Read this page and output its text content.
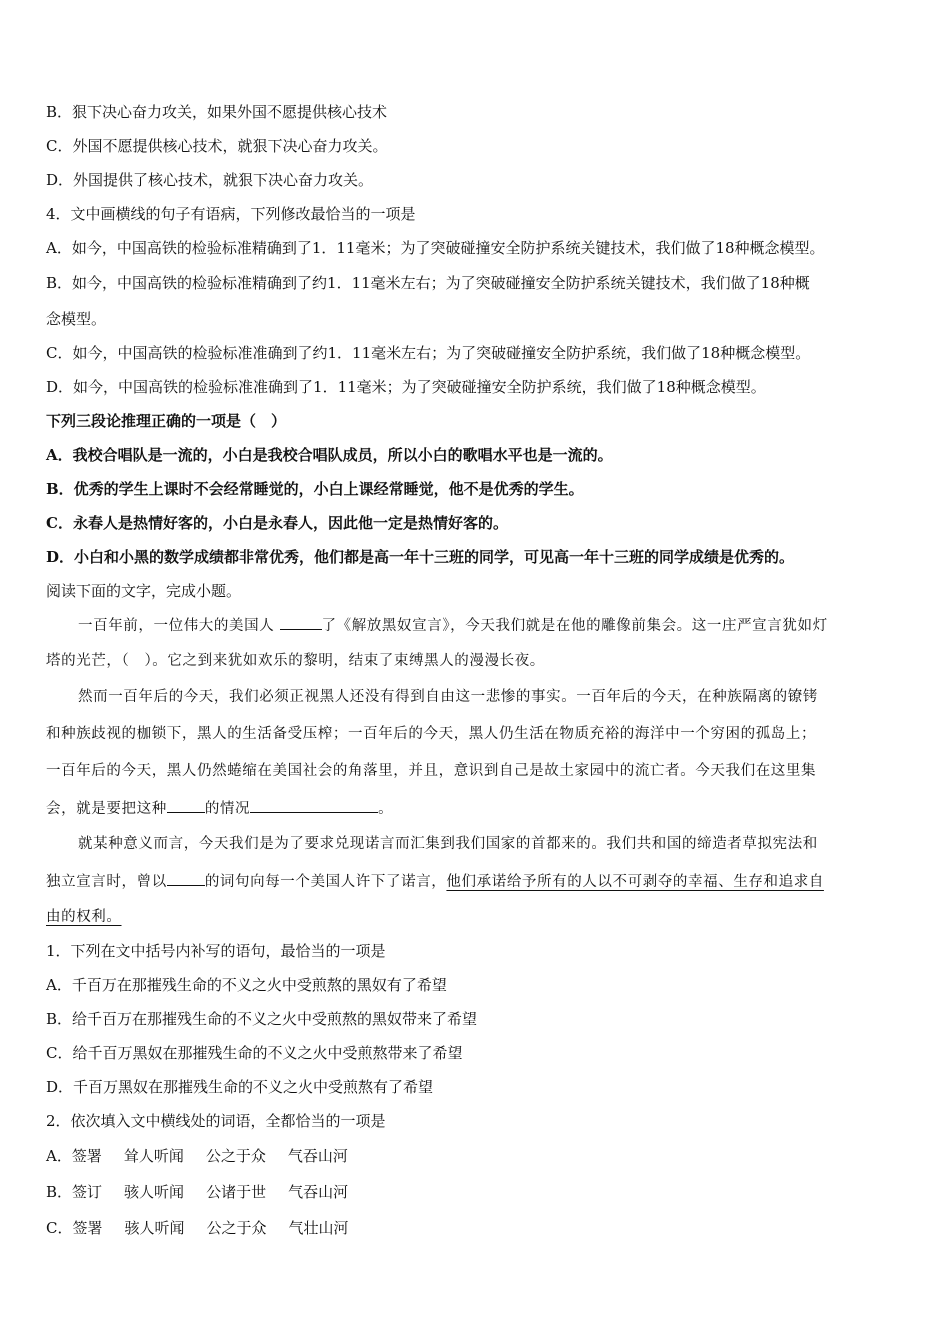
B．狠下决心奋力攻关，如果外国不愿提供核心技术
C．外国不愿提供核心技术，就狠下决心奋力攻关。
D．外国提供了核心技术，就狠下决心奋力攻关。
4．文中画横线的句子有语病，下列修改最恰当的一项是
A．如今，中国高铁的检验标准精确到了1．11毫米；为了突破碰撞安全防护系统关键技术，我们做了18种概念模型。
B．如今，中国高铁的检验标准精确到了约1．11毫米左右；为了突破碰撞安全防护系统关键技术，我们做了18种概
念模型。
C．如今，中国高铁的检验标准准确到了约1．11毫米左右；为了突破碰撞安全防护系统，我们做了18种概念模型。
D．如今，中国高铁的检验标准准确到了1．11毫米；为了突破碰撞安全防护系统，我们做了18种概念模型。
下列三段论推理正确的一项是（　）
A．我校合唱队是一流的，小白是我校合唱队成员，所以小白的歌唱水平也是一流的。
B．优秀的学生上课时不会经常睡觉的，小白上课经常睡觉，他不是优秀的学生。
C．永春人是热情好客的，小白是永春人，因此他一定是热情好客的。
D．小白和小黑的数学成绩都非常优秀，他们都是高一年十三班的同学，可见高一年十三班的同学成绩是优秀的。
阅读下面的文字，完成小题。
一百年前，一位伟大的美国人	了《解放黑奴宣言》，今天我们就是在他的雕像前集会。这一庄严宣言犹如灯
塔的光芒，（　）。它之到来犹如欢乐的黎明，结束了束缚黑人的漫漫长夜。
然而一百年后的今天，我们必须正视黑人还没有得到自由这一悲惨的事实。一百年后的今天，在种族隔离的镣铐
和种族歧视的枷锁下，黑人的生活备受压榨；一百年后的今天，黑人仍生活在物质充裕的海洋中一个穷困的孤岛上；
一百年后的今天，黑人仍然蜷缩在美国社会的角落里，并且，意识到自己是故土家园中的流亡者。今天我们在这里集
会，就是要把这种	的情况	。
就某种意义而言，今天我们是为了要求兑现诺言而汇集到我们国家的首都来的。我们共和国的缔造者草拟宪法和
独立宣言时，曾以	的词句向每一个美国人许下了诺言，他们承诺给予所有的人以不可剥夺的幸福、生存和追求自
由的权利。
1．下列在文中括号内补写的语句，最恰当的一项是
A．千百万在那摧残生命的不义之火中受煎熬的黑奴有了希望
B．给千百万在那摧残生命的不义之火中受煎熬的黑奴带来了希望
C．给千百万黑奴在那摧残生命的不义之火中受煎熬带来了希望
D．千百万黑奴在那摧残生命的不义之火中受煎熬有了希望
2．依次填入文中横线处的词语，全都恰当的一项是
A．签署 耸人听闻 公之于众 气吞山河
B．签订 骇人听闻 公诸于世 气吞山河
C．签署 骇人听闻 公之于众 气壮山河
